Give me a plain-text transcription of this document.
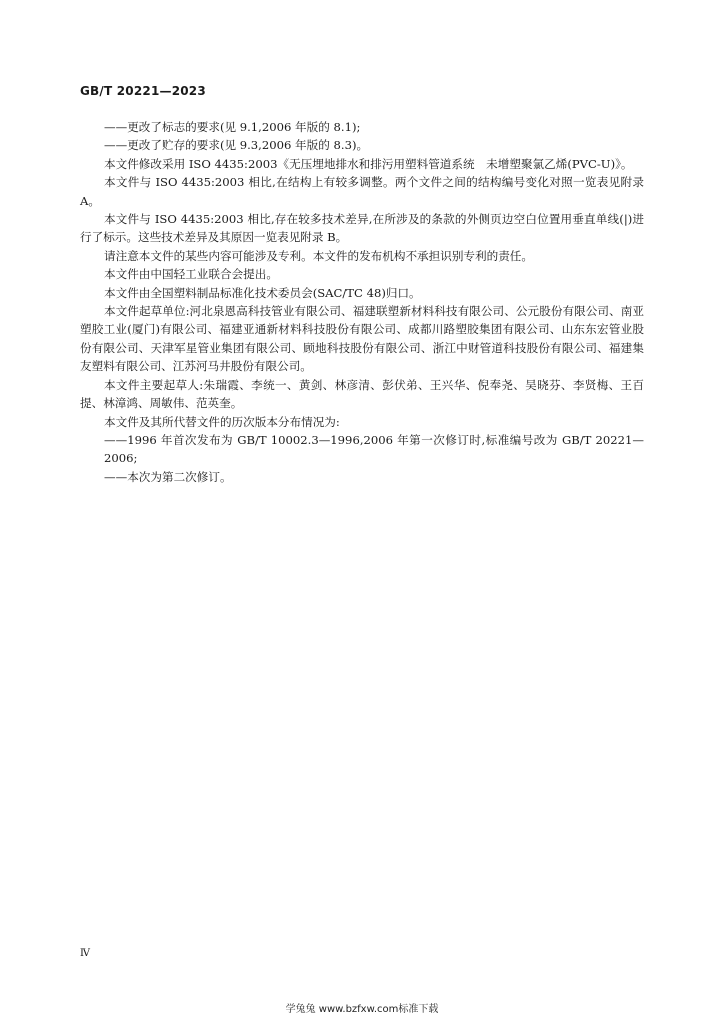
GB/T 20221—2023
——更改了标志的要求(见 9.1,2006 年版的 8.1);
——更改了贮存的要求(见 9.3,2006 年版的 8.3)。
本文件修改采用 ISO 4435:2003《无压埋地排水和排污用塑料管道系统　未增塑聚氯乙烯(PVC-U)》。
本文件与 ISO 4435:2003 相比,在结构上有较多调整。两个文件之间的结构编号变化对照一览表见附录 A。
本文件与 ISO 4435:2003 相比,存在较多技术差异,在所涉及的条款的外侧页边空白位置用垂直单线(|)进行了标示。这些技术差异及其原因一览表见附录 B。
请注意本文件的某些内容可能涉及专利。本文件的发布机构不承担识别专利的责任。
本文件由中国轻工业联合会提出。
本文件由全国塑料制品标准化技术委员会(SAC/TC 48)归口。
本文件起草单位:河北泉恩高科技管业有限公司、福建联塑新材料科技有限公司、公元股份有限公司、南亚塑胶工业(厦门)有限公司、福建亚通新材料科技股份有限公司、成都川路塑胶集团有限公司、山东东宏管业股份有限公司、天津军星管业集团有限公司、顾地科技股份有限公司、浙江中财管道科技股份有限公司、福建集友塑料有限公司、江苏河马井股份有限公司。
本文件主要起草人:朱瑞霞、李统一、黄剑、林彦清、彭伏弟、王兴华、倪奉尧、吴晓芬、李贤梅、王百提、林漳鸿、周敏伟、范英奎。
本文件及其所代替文件的历次版本分布情况为:
——1996 年首次发布为 GB/T 10002.3—1996,2006 年第一次修订时,标准编号改为 GB/T 20221—2006;
——本次为第二次修订。
Ⅳ
学兔兔 www.bzfxw.com标准下载
